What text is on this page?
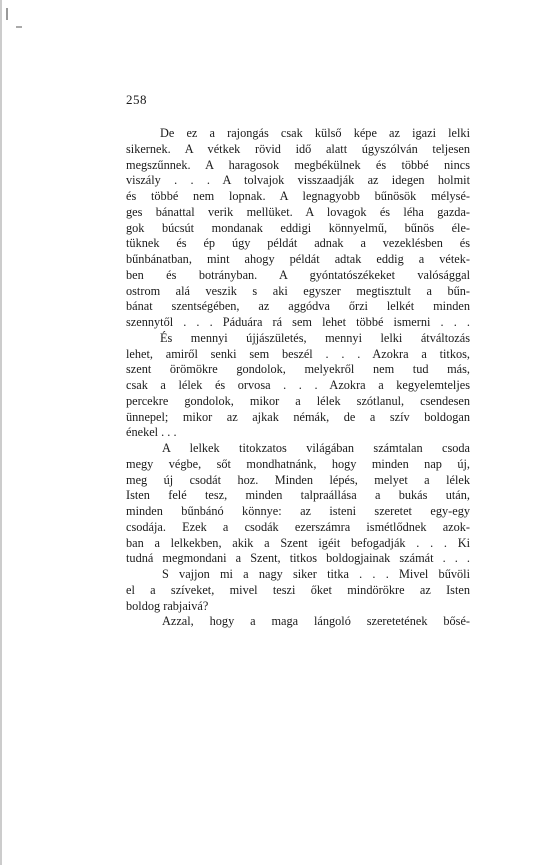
258
De ez a rajongás csak külső képe az igazi lelki
sikernek. A vétkek rövid idő alatt úgyszólván teljesen
megszűnnek. A haragosok megbékülnek és többé nincs
viszály . . . A tolvajok visszaadják az idegen holmit
és többé nem lopnak. A legnagyobb bűnösök mélysé-
ges bánattal verik mellüket. A lovagok és léha gazda-
gok búcsút mondanak eddigi könnyelmű, bűnös éle-
tüknek és ép úgy példát adnak a vezeklésben és
bűnbánatban, mint ahogy példát adtak eddig a vétek-
ben és botrányban. A gyóntatószékeket valósággal
ostrom alá veszik s aki egyszer megtisztult a bűn-
bánat szentségében, az aggódva őrzi lelkét minden
szennytől . . . Páduára rá sem lehet többé ismerni . . .
És mennyi újjászületés, mennyi lelki átváltozás
lehet, amiről senki sem beszél . . . Azokra a titkos,
szent örömökre gondolok, melyekről nem tud más,
csak a lélek és orvosa . . . Azokra a kegyelemteljes
percekre gondolok, mikor a lélek szótlanul, csendesen
ünnepel; mikor az ajkak némák, de a szív boldogan
énekel . . .
A lelkek titokzatos világában számtalan csoda
megy végbe, sőt mondhatnánk, hogy minden nap új,
meg új csodát hoz. Minden lépés, melyet a lélek
Isten felé tesz, minden talpraállása a bukás után,
minden bűnbánó könnye: az isteni szeretet egy-egy
csodája. Ezek a csodák ezerszámra ismétlődnek azok-
ban a lelkekben, akik a Szent igéit befogadják . . . Ki
tudná megmondani a Szent, titkos boldogjainak számát . . .
S vajjon mi a nagy siker titka . . . Mivel bűvöli
el a szíveket, mivel teszi őket mindörökre az Isten
boldog rabjaivá?
Azzal, hogy a maga lángoló szeretetének bősé-
